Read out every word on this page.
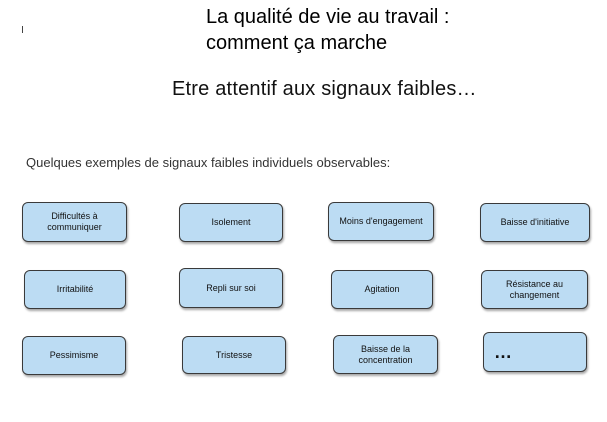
La qualité de vie au travail :
comment ça marche
Etre attentif aux signaux faibles…
Quelques exemples de signaux faibles individuels observables:
Difficultés à communiquer	Isolement	Moins d'engagement	Baisse d'initiative
Irritabilité	Repli sur soi	Agitation
Résistance au changement
Pessimisme	Tristesse
Baisse de la concentration	…
